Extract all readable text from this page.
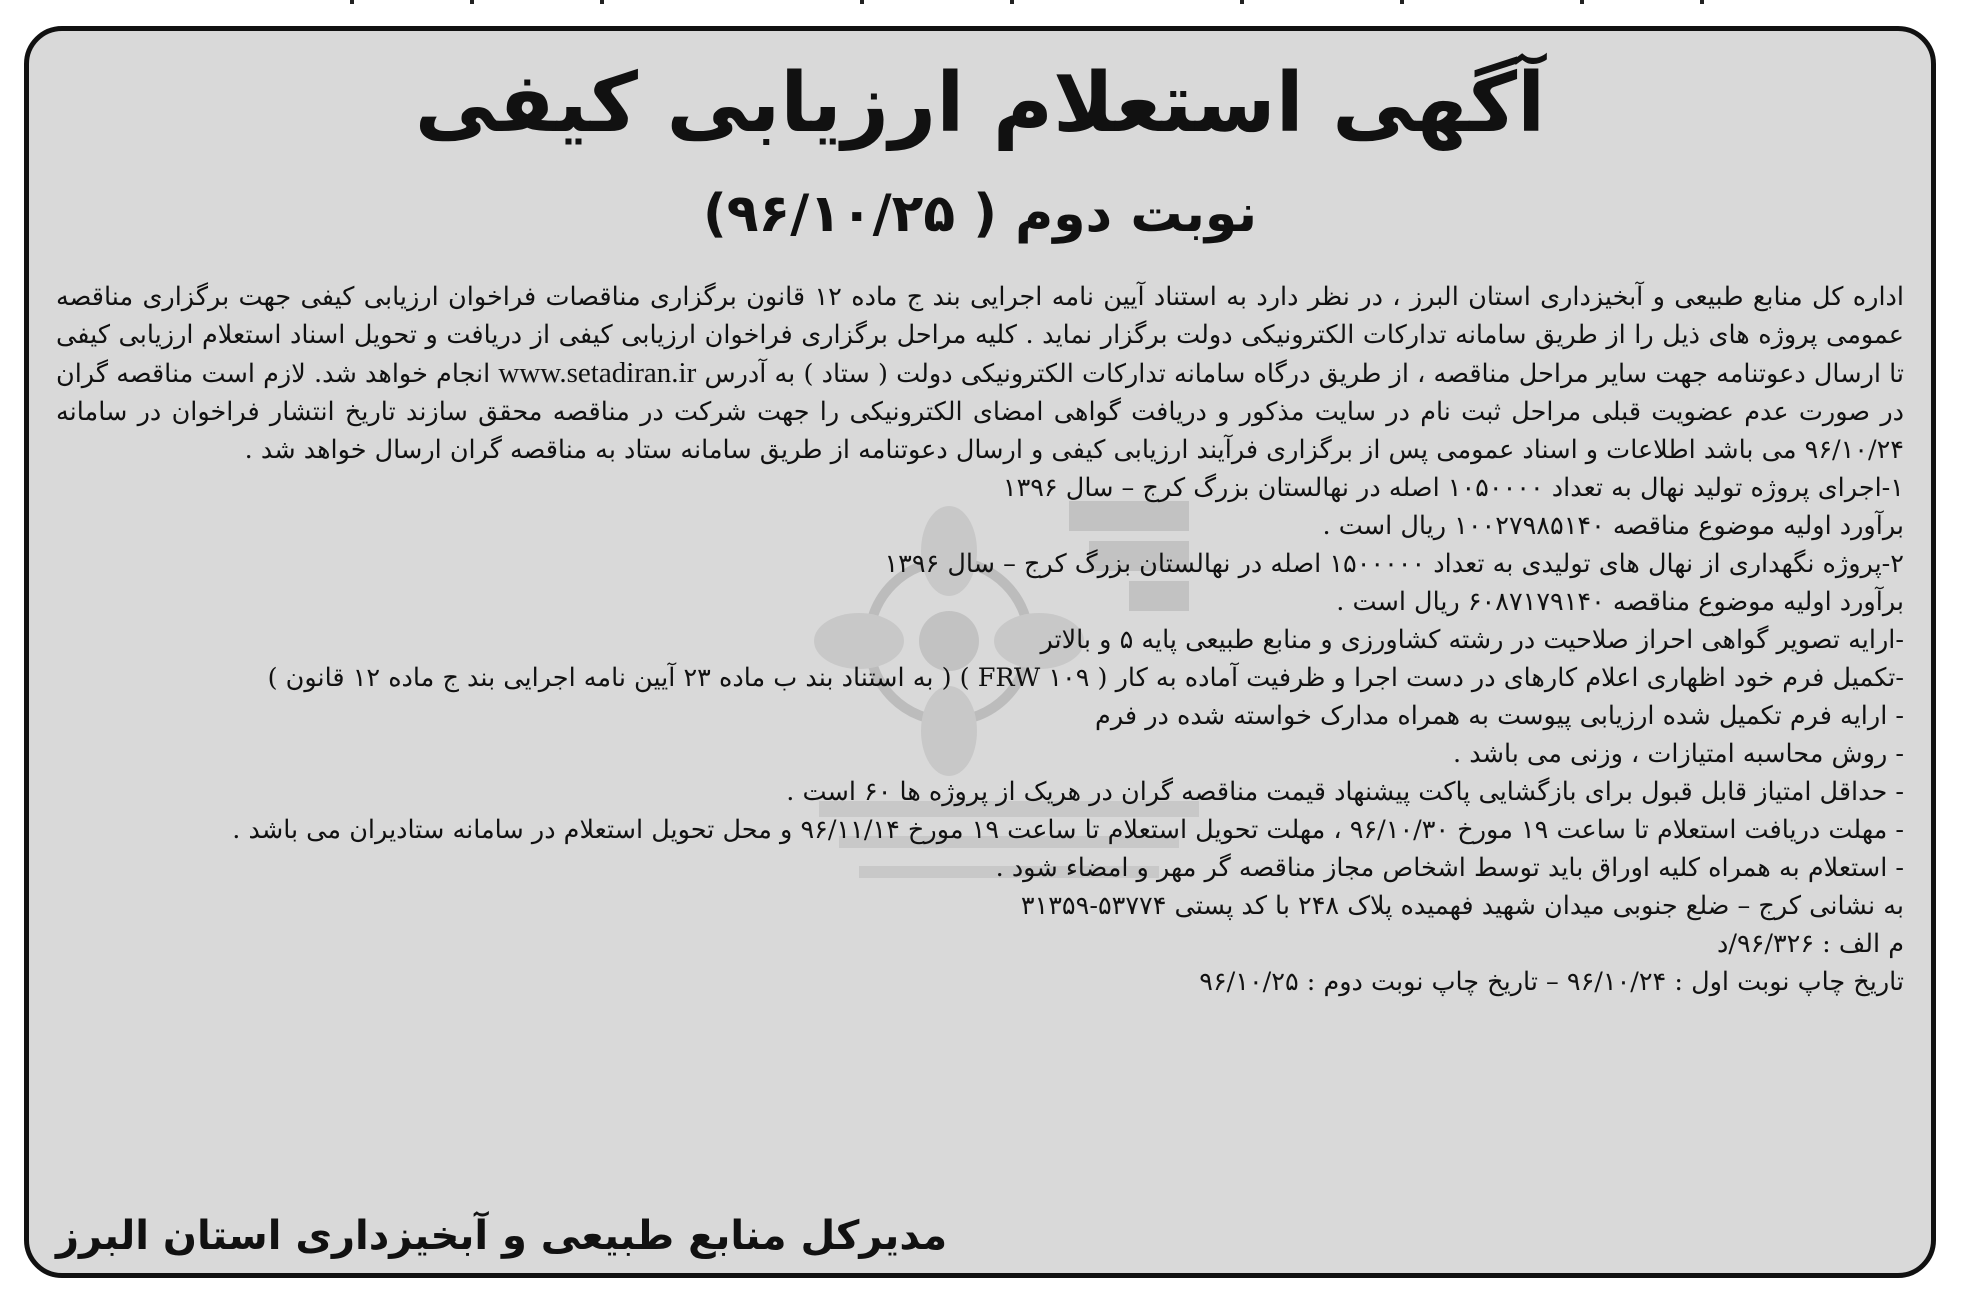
آگهی استعلام ارزیابی کیفی
نوبت دوم ( ۹۶/۱۰/۲۵)

اداره کل منابع طبیعی و آبخیزداری استان البرز ، در نظر دارد به استناد آیین نامه اجرایی بند ج ماده ۱۲ قانون برگزاری مناقصات فراخوان ارزیابی کیفی جهت برگزاری مناقصه عمومی پروژه های ذیل را از طریق سامانه تدارکات الکترونیکی دولت برگزار نماید . کلیه مراحل برگزاری فراخوان ارزیابی کیفی از دریافت و تحویل اسناد استعلام ارزیابی کیفی تا ارسال دعوتنامه جهت سایر مراحل مناقصه ، از طریق درگاه سامانه تدارکات الکترونیکی دولت ( ستاد ) به آدرس www.setadiran.ir انجام خواهد شد. لازم است مناقصه گران در صورت عدم عضویت قبلی مراحل ثبت نام در سایت مذکور و دریافت گواهی امضای الکترونیکی را جهت شرکت در مناقصه محقق سازند تاریخ انتشار فراخوان در سامانه ۹۶/۱۰/۲۴ می باشد اطلاعات و اسناد عمومی پس از برگزاری فرآیند ارزیابی کیفی و ارسال دعوتنامه از طریق سامانه ستاد به مناقصه گران ارسال خواهد شد .

۱-اجرای پروژه تولید نهال به تعداد ۱۰۵۰۰۰۰ اصله در نهالستان بزرگ کرج – سال ۱۳۹۶
برآورد اولیه موضوع مناقصه ۱۰۰۲۷۹۸۵۱۴۰ ریال است .
۲-پروژه نگهداری از نهال های تولیدی به تعداد ۱۵۰۰۰۰۰ اصله در نهالستان بزرگ کرج – سال ۱۳۹۶
برآورد اولیه موضوع مناقصه ۶۰۸۷۱۷۹۱۴۰ ریال است .
-ارایه تصویر گواهی احراز صلاحیت در رشته کشاورزی و منابع طبیعی پایه ۵ و بالاتر
-تکمیل فرم خود اظهاری اعلام کارهای در دست اجرا و ظرفیت آماده به کار ( FRW ۱۰۹ ) ( به استناد بند ب ماده ۲۳ آیین نامه اجرایی بند ج ماده ۱۲ قانون )
- ارایه فرم تکمیل شده ارزیابی پیوست به همراه مدارک خواسته شده در فرم
- روش محاسبه امتیازات ، وزنی می باشد .
- حداقل امتیاز قابل قبول برای بازگشایی پاکت پیشنهاد قیمت مناقصه گران در هریک از پروژه ها ۶۰ است .
- مهلت دریافت استعلام تا ساعت ۱۹ مورخ ۹۶/۱۰/۳۰ ، مهلت تحویل استعلام تا ساعت ۱۹ مورخ ۹۶/۱۱/۱۴ و محل تحویل استعلام در سامانه ستادیران می باشد .
- استعلام به همراه کلیه اوراق باید توسط اشخاص مجاز مناقصه گر مهر و امضاء شود .
به نشانی کرج – ضلع جنوبی میدان شهید فهمیده پلاک ۲۴۸ با کد پستی ۵۳۷۷۴-۳۱۳۵۹
م الف : ۹۶/۳۲۶/د
تاریخ چاپ نوبت اول : ۹۶/۱۰/۲۴ – تاریخ چاپ نوبت دوم : ۹۶/۱۰/۲۵
مدیرکل منابع طبیعی و آبخیزداری استان البرز
